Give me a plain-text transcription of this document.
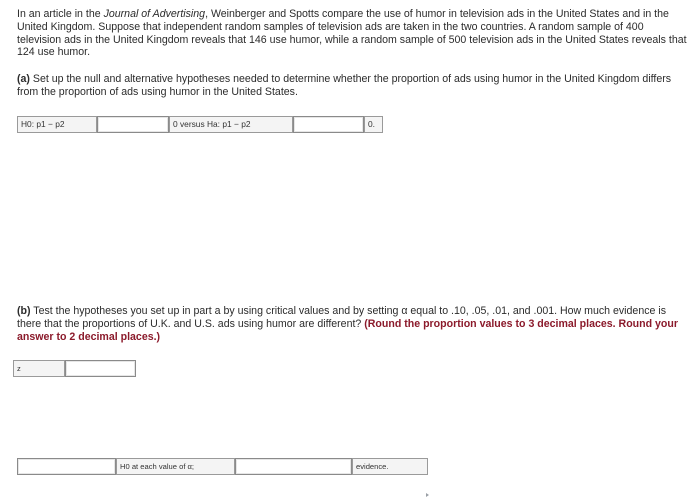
In an article in the Journal of Advertising, Weinberger and Spotts compare the use of humor in television ads in the United States and in the United Kingdom. Suppose that independent random samples of television ads are taken in the two countries. A random sample of 400 television ads in the United Kingdom reveals that 146 use humor, while a random sample of 500 television ads in the United States reveals that 124 use humor.
(a) Set up the null and alternative hypotheses needed to determine whether the proportion of ads using humor in the United Kingdom differs from the proportion of ads using humor in the United States.
H0: p1 − p2	0 versus Ha: p1 − p2	0.
(b) Test the hypotheses you set up in part a by using critical values and by setting α equal to .10, .05, .01, and .001. How much evidence is there that the proportions of U.K. and U.S. ads using humor are different? (Round the proportion values to 3 decimal places. Round your answer to 2 decimal places.)
z
H0 at each value of α;	evidence.
